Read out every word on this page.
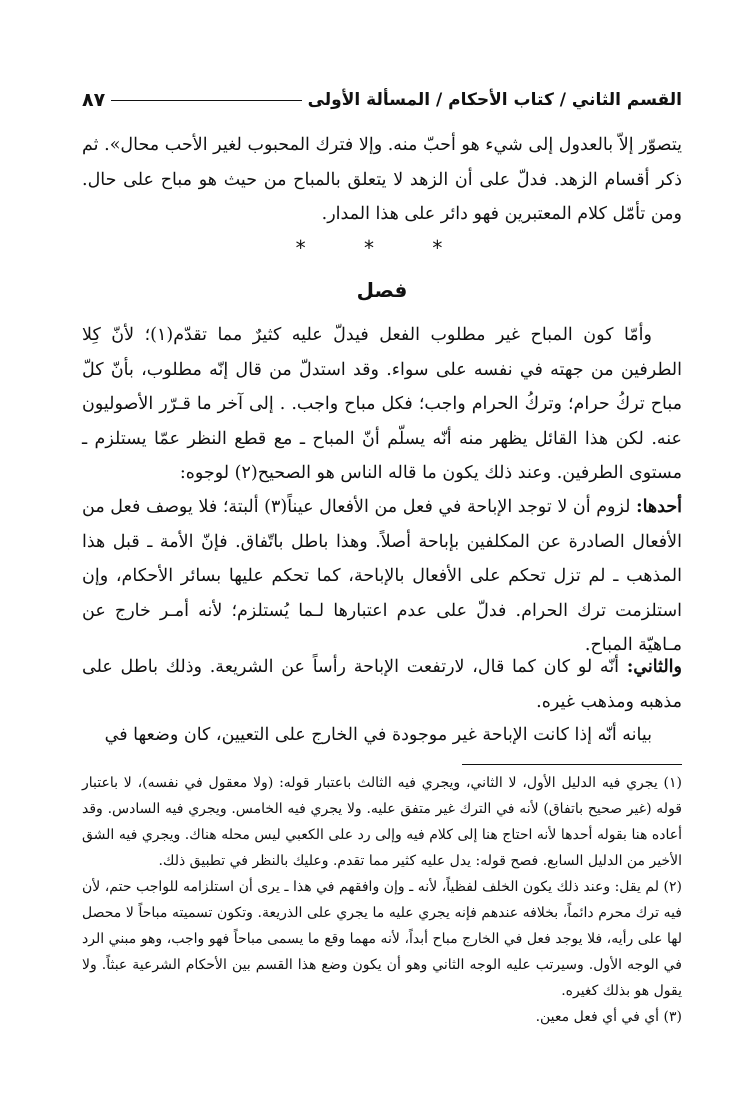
القسم الثاني / كتاب الأحكام / المسألة الأولى
٨٧

يتصوّر إلاّ بالعدول إلى شيء هو أحبّ منه. وإلا فترك المحبوب لغير الأحب محال». ثم ذكر أقسام الزهد. فدلّ على أن الزهد لا يتعلق بالمباح من حيث هو مباح على حال. ومن تأمّل كلام المعتبرين فهو دائر على هذا المدار.

* * *
فصل

وأمّا كون المباح غير مطلوب الفعل فيدلّ عليه كثيرٌ مما تقدّم(١)؛ لأنّ كِلا الطرفين من جهته في نفسه على سواء. وقد استدلّ من قال إنّه مطلوب، بأنّ كلّ مباح تركُ حرام؛ وتركُ الحرام واجب؛ فكل مباح واجب. . إلى آخر ما قـرّر الأصوليون عنه. لكن هذا القائل يظهر منه أنّه يسلّم أنّ المباح ـ مع قطع النظر عمّا يستلزم ـ مستوى الطرفين. وعند ذلك يكون ما قاله الناس هو الصحيح(٢) لوجوه:

أحدها: لزوم أن لا توجد الإباحة في فعل من الأفعال عيناً(٣) ألبتة؛ فلا يوصف فعل من الأفعال الصادرة عن المكلفين بإباحة أصلاً. وهذا باطل باتّفاق. فإنّ الأمة ـ قبل هذا المذهب ـ لم تزل تحكم على الأفعال بالإباحة، كما تحكم عليها بسائر الأحكام، وإن استلزمت ترك الحرام. فدلّ على عدم اعتبارها لـما يُستلزم؛ لأنه أمـر خارج عن مـاهيّة المباح.

والثاني: أنّه لو كان كما قال، لارتفعت الإباحة رأساً عن الشريعة. وذلك باطل على مذهبه ومذهب غيره.

بيانه أنّه إذا كانت الإباحة غير موجودة في الخارج على التعيين، كان وضعها في

(١) يجري فيه الدليل الأول، لا الثاني، ويجري فيه الثالث باعتبار قوله: (ولا معقول في نفسه)، لا باعتبار قوله (غير صحيح باتفاق) لأنه في الترك غير متفق عليه. ولا يجري فيه الخامس. ويجري فيه السادس. وقد أعاده هنا بقوله أحدها لأنه احتاج هنا إلى كلام فيه وإلى رد على الكعبي ليس محله هناك. ويجري فيه الشق الأخير من الدليل السابع. فصح قوله: يدل عليه كثير مما تقدم. وعليك بالنظر في تطبيق ذلك.

(٢) لم يقل: وعند ذلك يكون الخلف لفظياً، لأنه ـ وإن وافقهم في هذا ـ يرى أن استلزامه للواجب حتم، لأن فيه ترك محرم دائماً، بخلافه عندهم فإنه يجري عليه ما يجري على الذريعة. وتكون تسميته مباحاً لا محصل لها على رأيه، فلا يوجد فعل في الخارج مباح أبداً، لأنه مهما وقع ما يسمى مباحاً فهو واجب، وهو مبني الرد في الوجه الأول. وسيرتب عليه الوجه الثاني وهو أن يكون وضع هذا القسم بين الأحكام الشرعية عبثاً. ولا يقول هو بذلك كغيره.

(٣) أي في أي فعل معين.
